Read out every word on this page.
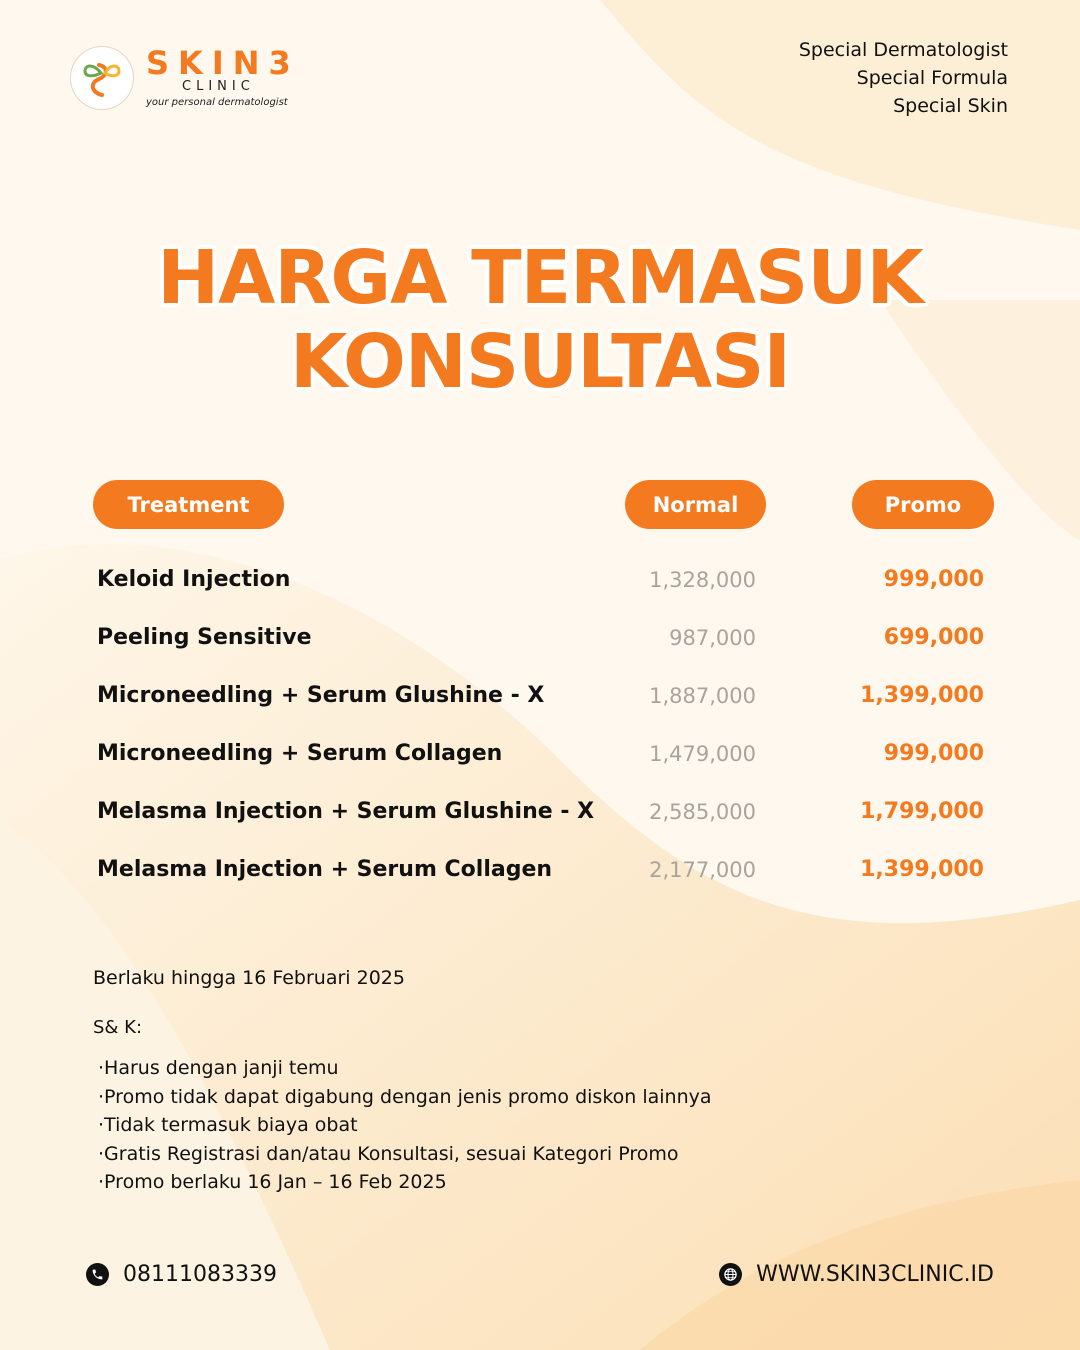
SKIN3
CLINIC
your personal dermatologist
Special Dermatologist
Special Formula
Special Skin
HARGA TERMASUK
KONSULTASI
Treatment	Normal	Promo
Keloid Injection	1,328,000	999,000
Peeling Sensitive	987,000	699,000
Microneedling + Serum Glushine - X	1,887,000	1,399,000
Microneedling + Serum Collagen	1,479,000	999,000
Melasma Injection + Serum Glushine - X	2,585,000	1,799,000
Melasma Injection + Serum Collagen	2,177,000	1,399,000
Berlaku hingga 16 Februari 2025
S& K:
· Harus dengan janji temu
· Promo tidak dapat digabung dengan jenis promo diskon lainnya
· Tidak termasuk biaya obat
· Gratis Registrasi dan/atau Konsultasi, sesuai Kategori Promo
· Promo berlaku 16 Jan – 16 Feb 2025
08111083339	WWW.SKIN3CLINIC.ID
